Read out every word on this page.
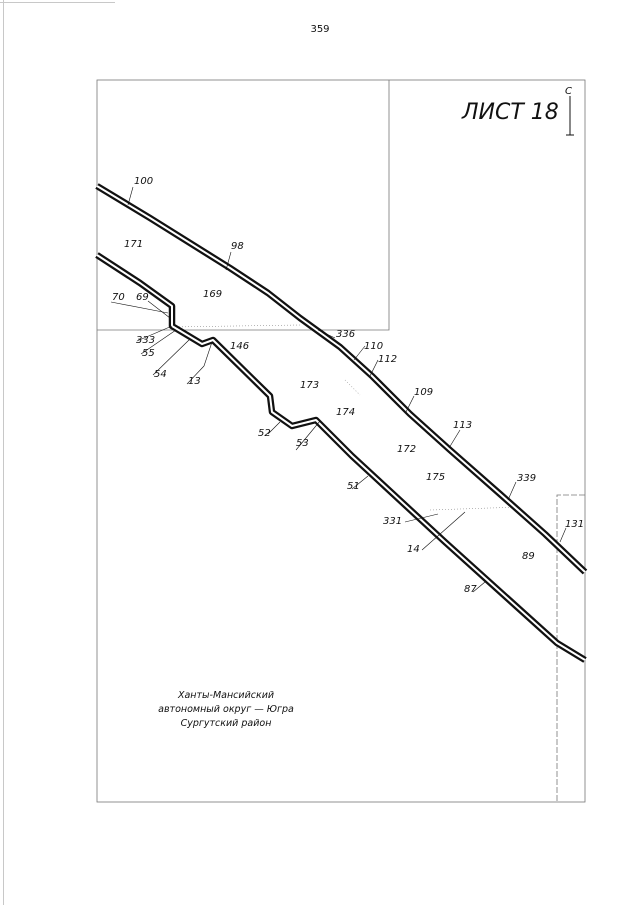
359
С
ЛИСТ 18
100
171	98
169
70 69
333
55
54
13
146
336
110
112
173
109
174
113
52
53
172
175	339
51
331
14
131
89
87
Ханты-Мансийский
автономный округ — Югра
Сургутский район
